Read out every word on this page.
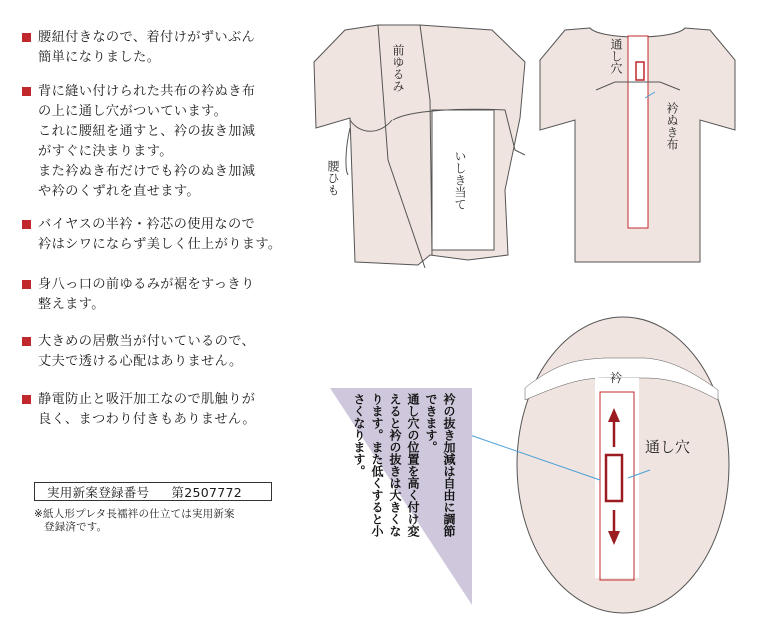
腰紐付きなので、着付けがずいぶん
簡単になりました。
背に縫い付けられた共布の衿ぬき布
の上に通し穴がついています。
これに腰紐を通すと、衿の抜き加減
がすぐに決まります。
また衿ぬき布だけでも衿のぬき加減
や衿のくずれを直せます。
バイヤスの半衿・衿芯の使用なので
衿はシワにならず美しく仕上がります。
身八っ口の前ゆるみが裾をすっきり
整えます。
大きめの居敷当が付いているので、
丈夫で透ける心配はありません。
静電防止と吸汗加工なので肌触りが
良く、まつわり付きもありません。
実用新案登録番号 第2507772
※紙人形プレタ長襦袢の仕立ては実用新案
登録済です。
前ゆるみ
いしき当て
腰ひも
通し穴
衿ぬき布
衿
通し穴
衿の抜き加減は自由に調節
できます。
通し穴の位置を高く付け変
えると衿の抜きは大きくな
ります。また低くすると小
さくなります。
